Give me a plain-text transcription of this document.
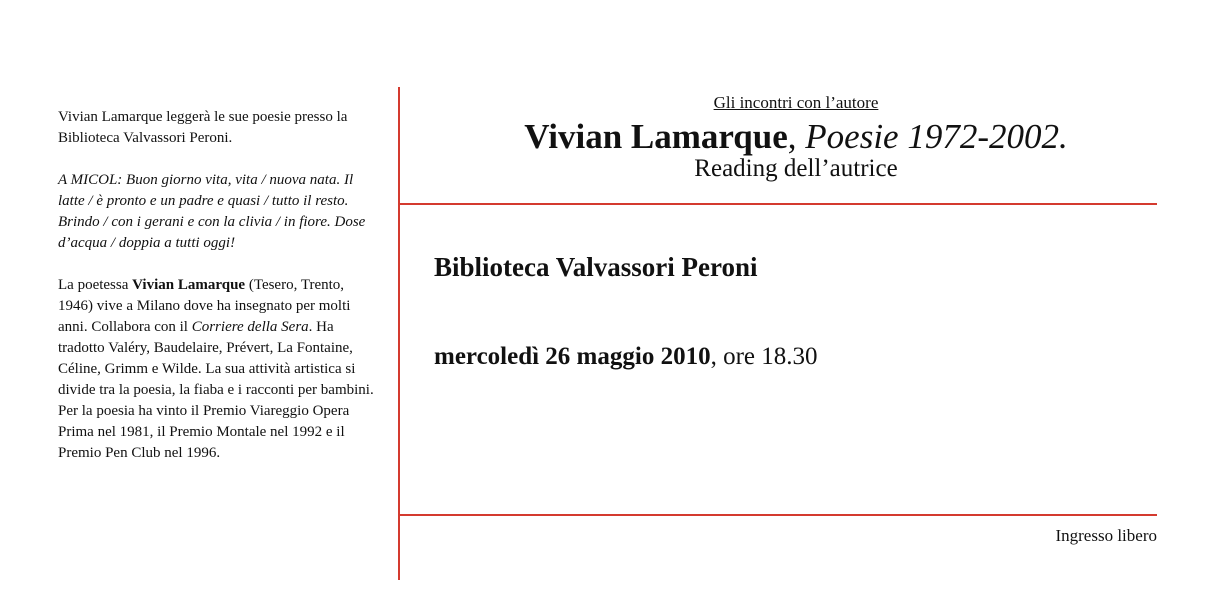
Vivian Lamarque leggerà le sue poesie presso la Biblioteca Valvassori Peroni.

A MICOL: Buon giorno vita, vita / nuova nata. Il latte / è pronto e un padre e quasi / tutto il resto. Brindo / con i gerani e con la clivia / in fiore. Dose d’acqua / doppia a tutti oggi!

La poetessa Vivian Lamarque (Tesero, Trento, 1946) vive a Milano dove ha insegnato per molti anni. Collabora con il Corriere della Sera. Ha tradotto Valéry, Baudelaire, Prévert, La Fontaine, Céline, Grimm e Wilde. La sua attività artistica si divide tra la poesia, la fiaba e i racconti per bambini. Per la poesia ha vinto il Premio Viareggio Opera Prima nel 1981, il Premio Montale nel 1992 e il Premio Pen Club nel 1996.

Gli incontri con l’autore
Vivian Lamarque, Poesie 1972-2002.
Reading dell’autrice
Biblioteca Valvassori Peroni
mercoledì 26 maggio 2010, ore 18.30
Ingresso libero
